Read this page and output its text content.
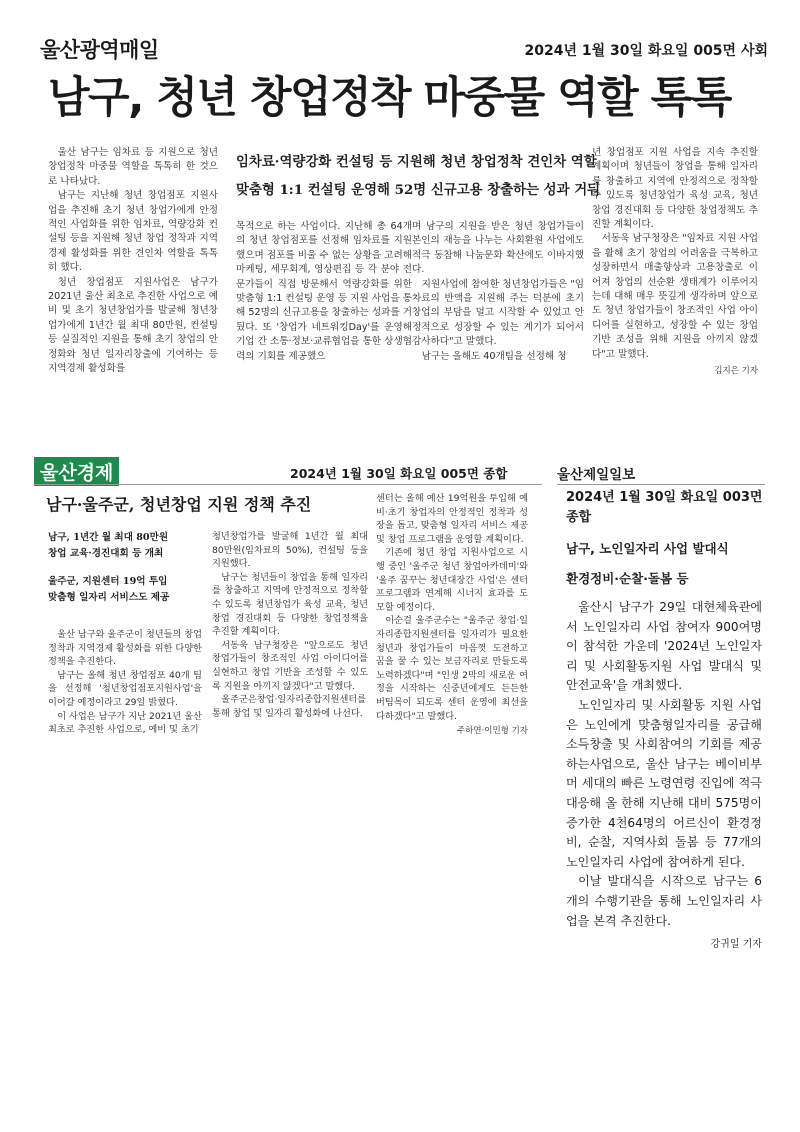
울산광역매일	2024년 1월 30일 화요일 005면 사회
남구, 청년 창업정착 마중물 역할 톡톡
임차료·역량강화 컨설팅 등 지원해 청년 창업정착 견인차 역할
맞춤형 1:1 컨설팅 운영해 52명 신규고용 창출하는 성과 거둬

울산 남구는 임차료 등 지원으로 청년 창업정착 마중물 역할을 톡톡히 한 것으로 나타났다.

남구는 지난해 청년 창업점포 지원사업을 추진해 초기 청년 창업가에게 안정적인 사업화를 위한 임차료, 역량강화 컨설팅 등을 지원해 청년 창업 정착과 지역경제 활성화를 위한 견인차 역할을 톡톡히 했다.

청년 창업점포 지원사업은 남구가 2021년 울산 최초로 추진한 사업으로 예비 및 초기 청년창업가를 발굴해 청년창업가에게 1년간 월 최대 80만원, 컨설팅 등 실질적인 지원을 통해 초기 창업의 안정화와 청년 일자리창출에 기여하는 등 지역경제 활성화를

목적으로 하는 사업이다. 지난해 총 64개의 청년 창업점포를 선정해 임차료를 지원했으며 점포를 비울 수 없는 상황을 고려해 마케팅, 세무회계, 영상편집 등 각 분야 전문가들이 직접 방문해서 역량강화를 위한 맞춤형 1:1 컨설팅 운영 등 지원 사업을 통해 52명의 신규고용을 창출하는 성과를 거뒀다. 또 '창업가 네트워킹Day'를 운영해 기업 간 소통·정보·교류협업을 통한 상생협력의 기회를 제공했으

며 남구의 지원을 받은 청년 창업가들이 본인의 재능을 나누는 사회환원 사업에도 적극 동참해 나눔문화 확산에도 이바지했다.

지원사업에 참여한 청년창업가들은 "임차료의 반액을 지원해 주는 덕분에 초기창업의 부담을 덜고 시작할 수 있었고 안정적으로 성장할 수 있는 계기가 되어서 감사하다"고 말했다.

남구는 올해도 40개팀을 선정해 청

년 창업점포 지원 사업을 지속 추진할 계획이며 청년들이 창업을 통해 일자리를 창출하고 지역에 안정적으로 정착할 수 있도록 청년창업가 육성 교육, 청년창업 경진대회 등 다양한 창업정책도 추진할 계획이다.

서동욱 남구청장은 "임차료 지원 사업을 활해 초기 창업의 어려움을 극복하고 성장하면서 매출향상과 고용창출로 이어져 창업의 선순환 생태계가 이루어지는데 대해 매우 뜻깊게 생각하며 앞으로도 청년 창업가들이 창조적인 사업 아이디어를 실현하고, 성장할 수 있는 창업 기반 조성을 위해 지원을 아끼지 않겠다"고 말했다.

김지은 기자
울산경제	2024년 1월 30일 화요일 005면 종합
남구·울주군, 청년창업 지원 정책 추진
남구, 1년간 월 최대 80만원
창업 교육·경진대회 등 개최
울주군, 지원센터 19억 투입
맞춤형 일자리 서비스도 제공

울산 남구와 울주군이 청년들의 창업 정착과 지역경제 활성화를 위한 다양한 정책을 추진한다.

남구는 올해 청년 창업점포 40개 팀을 선정해 '청년창업점포지원사업'을 이어갈 예정이라고 29일 밝혔다.

이 사업은 남구가 지난 2021년 울산 최초로 추진한 사업으로, 예비 및 초기

청년창업가를 발굴해 1년간 월 최대 80만원(임차료의 50%), 컨설팅 등을 지원했다.

남구는 청년들이 창업을 통해 일자리를 창출하고 지역에 안정적으로 정착할 수 있도록 청년창업가 육성 교육, 청년창업 경진대회 등 다양한 창업정책을 추진할 계획이다.

서동욱 남구청장은 "앞으로도 청년 창업가들이 창조적인 사업 아이디어를 실현하고 창업 기반을 조성할 수 있도록 지원을 아끼지 않겠다"고 말했다.

울주군은창업·일자리종합지원센터를 통해 창업 및 일자리 활성화에 나선다.

센터는 올해 예산 19억원을 투입해 예비·초기 창업자의 안정적인 정착과 성장을 돕고, 맞춤형 일자리 서비스 제공 및 창업 프로그램을 운영할 계획이다.

기존에 청년 창업 지원사업으로 시행 중인 '울주군 청년 창업아카데미'와 '울주 꿈꾸는 청년대장간 사업'은 센터 프로그램과 연계해 시너지 효과를 도모할 예정이다.

이순걸 울주군수는 "울주군 창업·일자리종합지원센터를 일자리가 필요한 청년과 창업가들이 마음껏 도전하고 꿈을 꿀 수 있는 보금자리로 만들도록 노력하겠다"며 "인생 2막의 새로운 여정을 시작하는 신중년에게도 든든한 버팀목이 되도록 센터 운영에 최선을 다하겠다"고 말했다.

주하연·이민형 기자
울산제일일보
2024년 1월 30일 화요일 003면 종합
남구, 노인일자리 사업 발대식
환경정비·순찰·돌봄 등

울산시 남구가 29일 대현체육관에서 노인일자리 사업 참여자 900여명이 참석한 가운데 '2024년 노인일자리 및 사회활동지원 사업 발대식 및 안전교육'을 개최했다.

노인일자리 및 사회활동 지원 사업은 노인에게 맞춤형일자리를 공급해 소득창출 및 사회참여의 기회를 제공하는사업으로, 울산 남구는 베이비부머 세대의 빠른 노령연령 진입에 적극 대응해 올 한해 지난해 대비 575명이 증가한 4천64명의 어르신이 환경정비, 순찰, 지역사회 돌봄 등 77개의 노인일자리 사업에 참여하게 된다.

이날 발대식을 시작으로 남구는 6개의 수행기관을 통해 노인일자리 사업을 본격 추진한다.

강귀일 기자
